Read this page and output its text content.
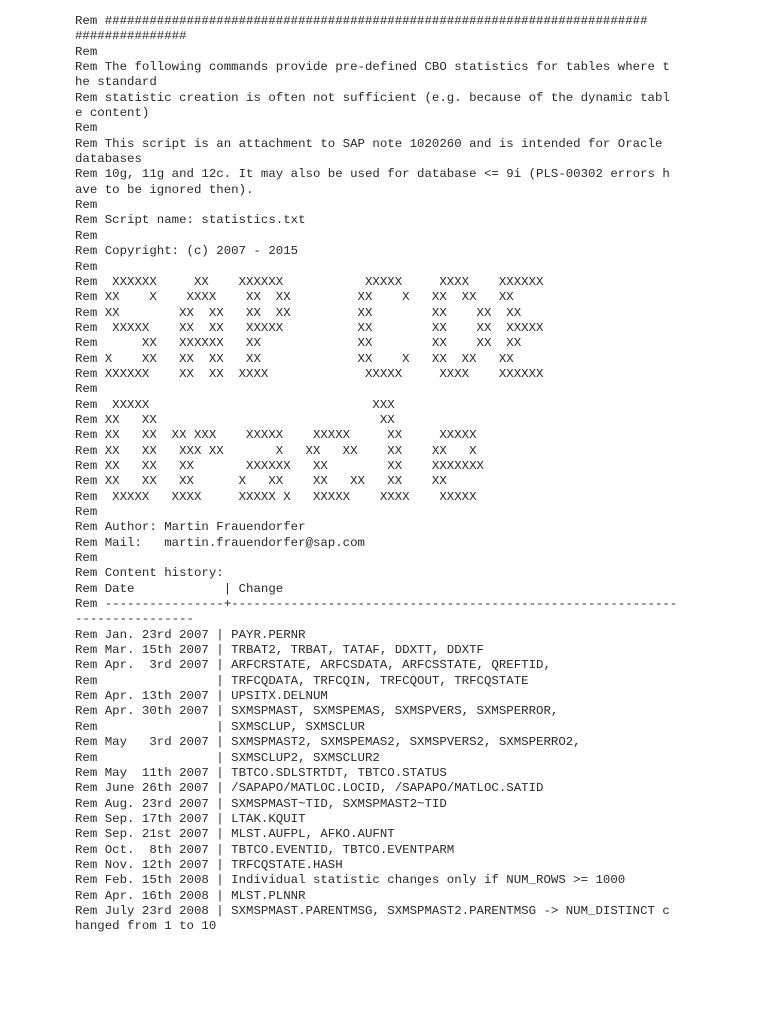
Rem #########################################################################
###############
Rem
Rem The following commands provide pre-defined CBO statistics for tables where t
he standard
Rem statistic creation is often not sufficient (e.g. because of the dynamic tabl
e content)
Rem
Rem This script is an attachment to SAP note 1020260 and is intended for Oracle
databases
Rem 10g, 11g and 12c. It may also be used for database <= 9i (PLS-00302 errors h
ave to be ignored then).
Rem
Rem Script name: statistics.txt
Rem
Rem Copyright: (c) 2007 - 2015
Rem
Rem  XXXXXX     XX    XXXXXX           XXXXX     XXXX    XXXXXX
Rem XX    X    XXXX    XX  XX         XX    X   XX  XX   XX
Rem XX        XX  XX   XX  XX         XX        XX    XX  XX
Rem  XXXXX    XX  XX   XXXXX          XX        XX    XX  XXXXX
Rem      XX   XXXXXX   XX             XX        XX    XX  XX
Rem X    XX   XX  XX   XX             XX    X   XX  XX   XX
Rem XXXXXX    XX  XX  XXXX             XXXXX     XXXX    XXXXXX
Rem
Rem  XXXXX                              XXX
Rem XX   XX                              XX
Rem XX   XX  XX XXX    XXXXX    XXXXX     XX     XXXXX
Rem XX   XX   XXX XX       X   XX   XX    XX    XX   X
Rem XX   XX   XX       XXXXXX   XX        XX    XXXXXXX
Rem XX   XX   XX      X   XX    XX   XX   XX    XX
Rem  XXXXX   XXXX     XXXXX X   XXXXX    XXXX    XXXXX
Rem
Rem Author: Martin Frauendorfer
Rem Mail:   martin.frauendorfer@sap.com
Rem
Rem Content history:
Rem Date            | Change
Rem ----------------+------------------------------------------------------------
----------------
Rem Jan. 23rd 2007 | PAYR.PERNR
Rem Mar. 15th 2007 | TRBAT2, TRBAT, TATAF, DDXTT, DDXTF
Rem Apr.  3rd 2007 | ARFCRSTATE, ARFCSDATA, ARFCSSTATE, QREFTID,
Rem                | TRFCQDATA, TRFCQIN, TRFCQOUT, TRFCQSTATE
Rem Apr. 13th 2007 | UPSITX.DELNUM
Rem Apr. 30th 2007 | SXMSPMAST, SXMSPEMAS, SXMSPVERS, SXMSPERROR,
Rem                | SXMSCLUP, SXMSCLUR
Rem May   3rd 2007 | SXMSPMAST2, SXMSPEMAS2, SXMSPVERS2, SXMSPERRO2,
Rem                | SXMSCLUP2, SXMSCLUR2
Rem May  11th 2007 | TBTCO.SDLSTRTDT, TBTCO.STATUS
Rem June 26th 2007 | /SAPAPO/MATLOC.LOCID, /SAPAPO/MATLOC.SATID
Rem Aug. 23rd 2007 | SXMSPMAST~TID, SXMSPMAST2~TID
Rem Sep. 17th 2007 | LTAK.KQUIT
Rem Sep. 21st 2007 | MLST.AUFPL, AFKO.AUFNT
Rem Oct.  8th 2007 | TBTCO.EVENTID, TBTCO.EVENTPARM
Rem Nov. 12th 2007 | TRFCQSTATE.HASH
Rem Feb. 15th 2008 | Individual statistic changes only if NUM_ROWS >= 1000
Rem Apr. 16th 2008 | MLST.PLNNR
Rem July 23rd 2008 | SXMSPMAST.PARENTMSG, SXMSPMAST2.PARENTMSG -> NUM_DISTINCT c
hanged from 1 to 10
